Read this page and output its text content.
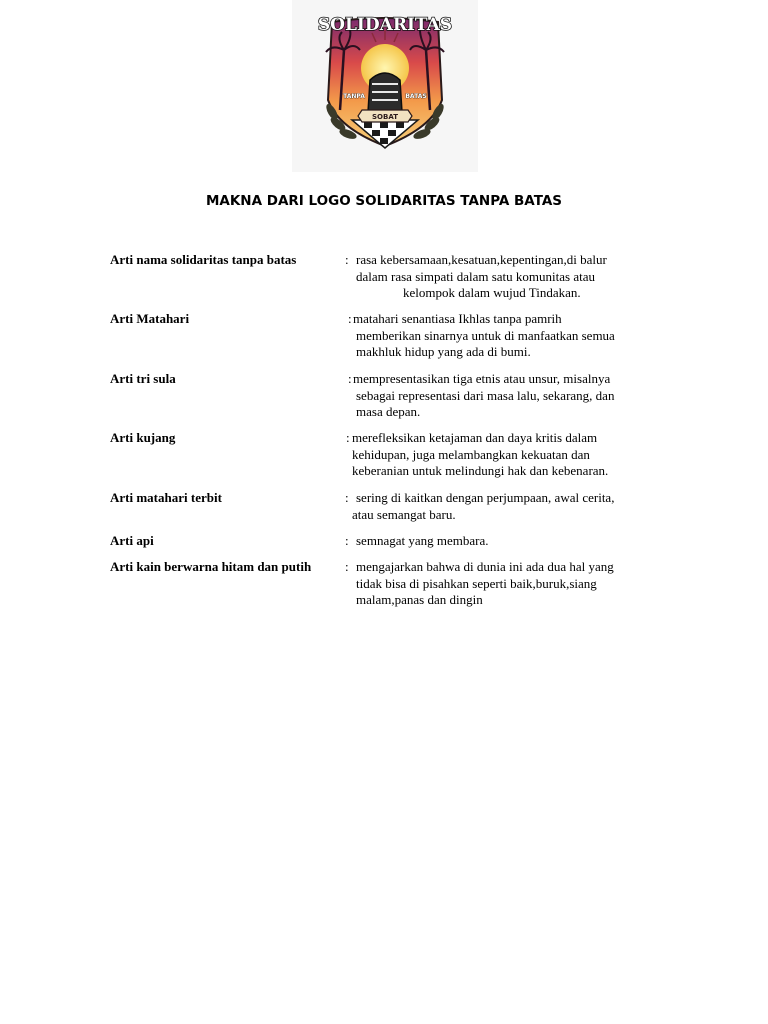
SOLIDARITAS
TANPA	BATAS
SOBAT
MAKNA DARI LOGO SOLIDARITAS TANPA BATAS
Arti nama solidaritas tanpa batas	: rasa kebersamaan,kesatuan,kepentingan,di balur
dalam rasa simpati dalam satu komunitas atau
kelompok dalam wujud Tindakan.
Arti Matahari	: matahari senantiasa Ikhlas tanpa pamrih
memberikan sinarnya untuk di manfaatkan semua
makhluk hidup yang ada di bumi.
Arti tri sula	: mempresentasikan tiga etnis atau unsur, misalnya
sebagai representasi dari masa lalu, sekarang, dan
masa depan.
Arti kujang	: merefleksikan ketajaman dan daya kritis dalam
kehidupan, juga melambangkan kekuatan dan
keberanian untuk melindungi hak dan kebenaran.
Arti matahari terbit	: sering di kaitkan dengan perjumpaan, awal cerita,
atau semangat baru.
Arti api	: semnagat yang membara.
Arti kain berwarna hitam dan putih	: mengajarkan bahwa di dunia ini ada dua hal yang
tidak bisa di pisahkan seperti baik,buruk,siang
malam,panas dan dingin
